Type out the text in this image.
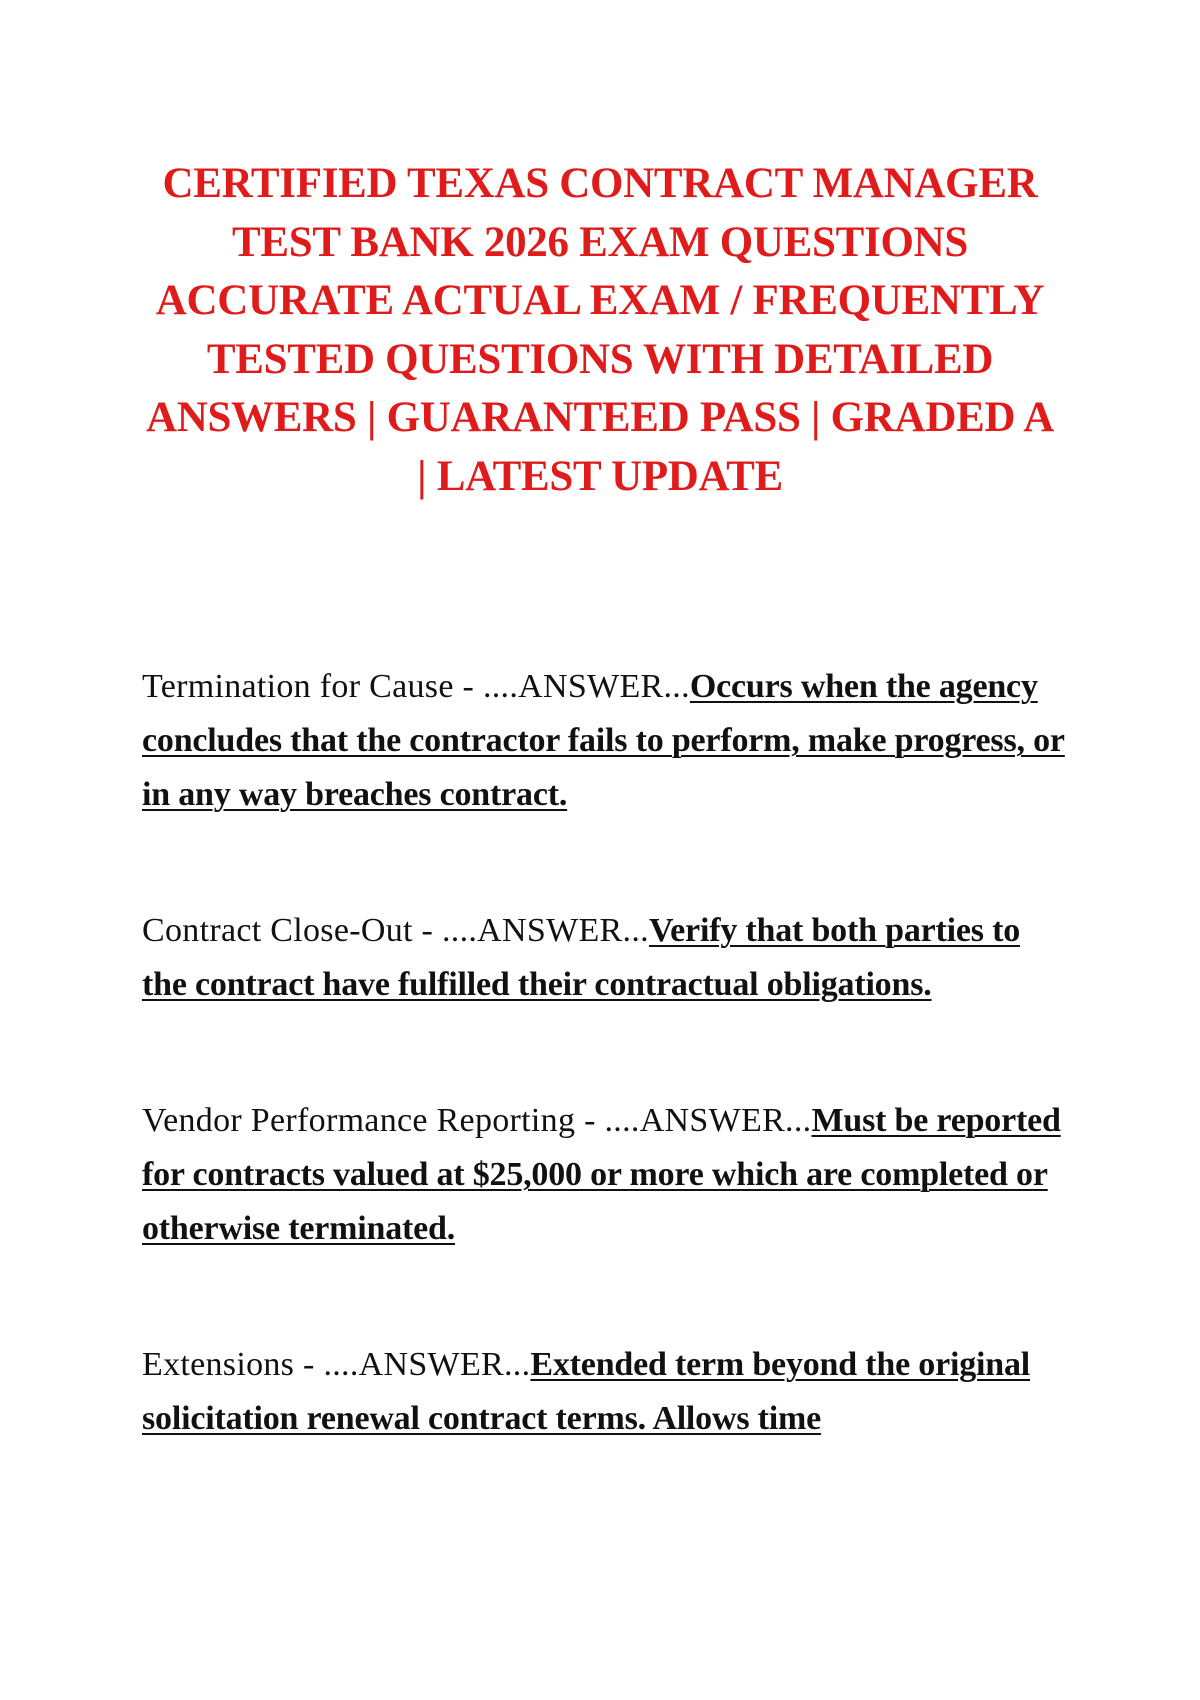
CERTIFIED TEXAS CONTRACT MANAGER TEST BANK 2026 EXAM QUESTIONS ACCURATE ACTUAL EXAM / FREQUENTLY TESTED QUESTIONS WITH DETAILED ANSWERS | GUARANTEED PASS | GRADED A | LATEST UPDATE

Termination for Cause - ....ANSWER...Occurs when the agency concludes that the contractor fails to perform, make progress, or in any way breaches contract.

Contract Close-Out - ....ANSWER...Verify that both parties to the contract have fulfilled their contractual obligations.

Vendor Performance Reporting - ....ANSWER...Must be reported for contracts valued at $25,000 or more which are completed or otherwise terminated.

Extensions - ....ANSWER...Extended term beyond the original solicitation renewal contract terms. Allows time
